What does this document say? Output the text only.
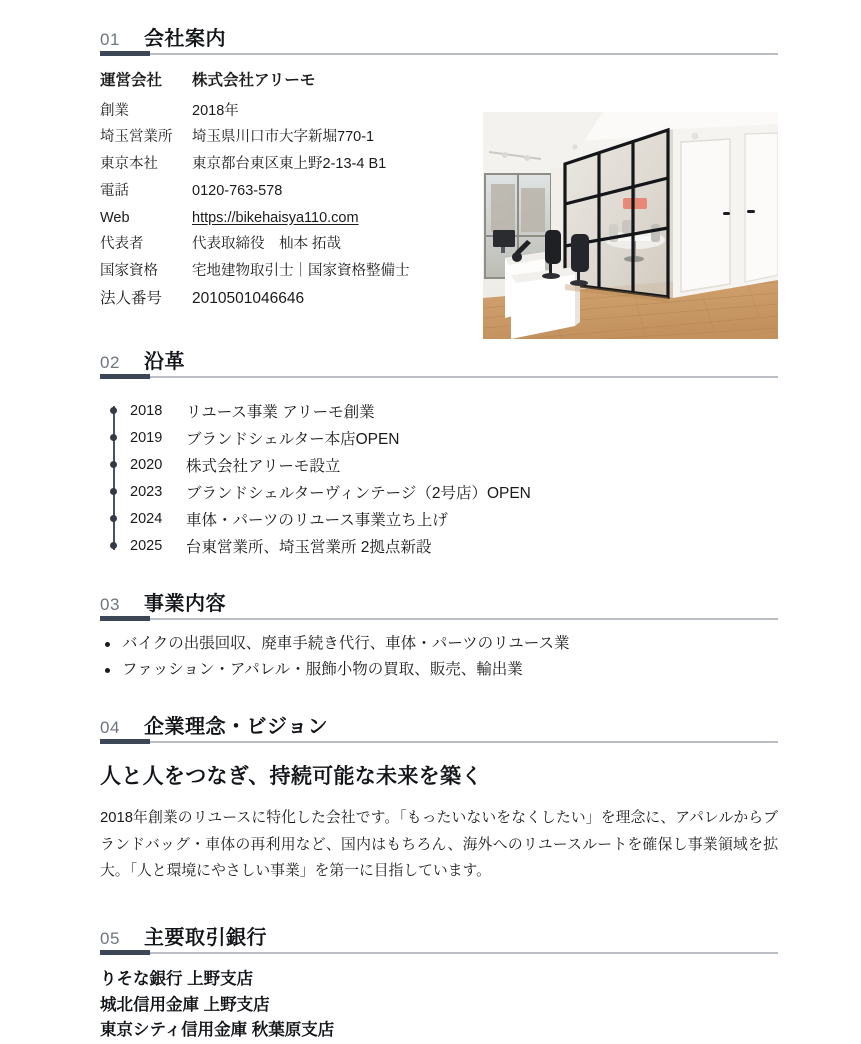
01	会社案内
運営会社	株式会社アリーモ
創業	2018年
埼玉営業所	埼玉県川口市大字新堀770-1
東京本社	東京都台東区東上野2-13-4 B1
電話	0120-763-578
Web	https://bikehaisya110.com
代表者	代表取締役　杣本 拓哉
国家資格	宅地建物取引士｜国家資格整備士
法人番号	2010501046646
02	沿革
2018	リユース事業 アリーモ創業
2019	ブランドシェルター本店OPEN
2020	株式会社アリーモ設立
2023	ブランドシェルターヴィンテージ（2号店）OPEN
2024	車体・パーツのリユース事業立ち上げ
2025	台東営業所、埼玉営業所 2拠点新設
03	事業内容
バイクの出張回収、廃車手続き代行、車体・パーツのリユース業
ファッション・アパレル・服飾小物の買取、販売、輸出業
04	企業理念・ビジョン
人と人をつなぎ、持続可能な未来を築く

2018年創業のリユースに特化した会社です。「もったいないをなくしたい」を理念に、アパレルからブランドバッグ・車体の再利用など、国内はもちろん、海外へのリユースルートを確保し事業領域を拡大。「人と環境にやさしい事業」を第一に目指しています。

05	主要取引銀行
りそな銀行 上野支店
城北信用金庫 上野支店
東京シティ信用金庫 秋葉原支店
